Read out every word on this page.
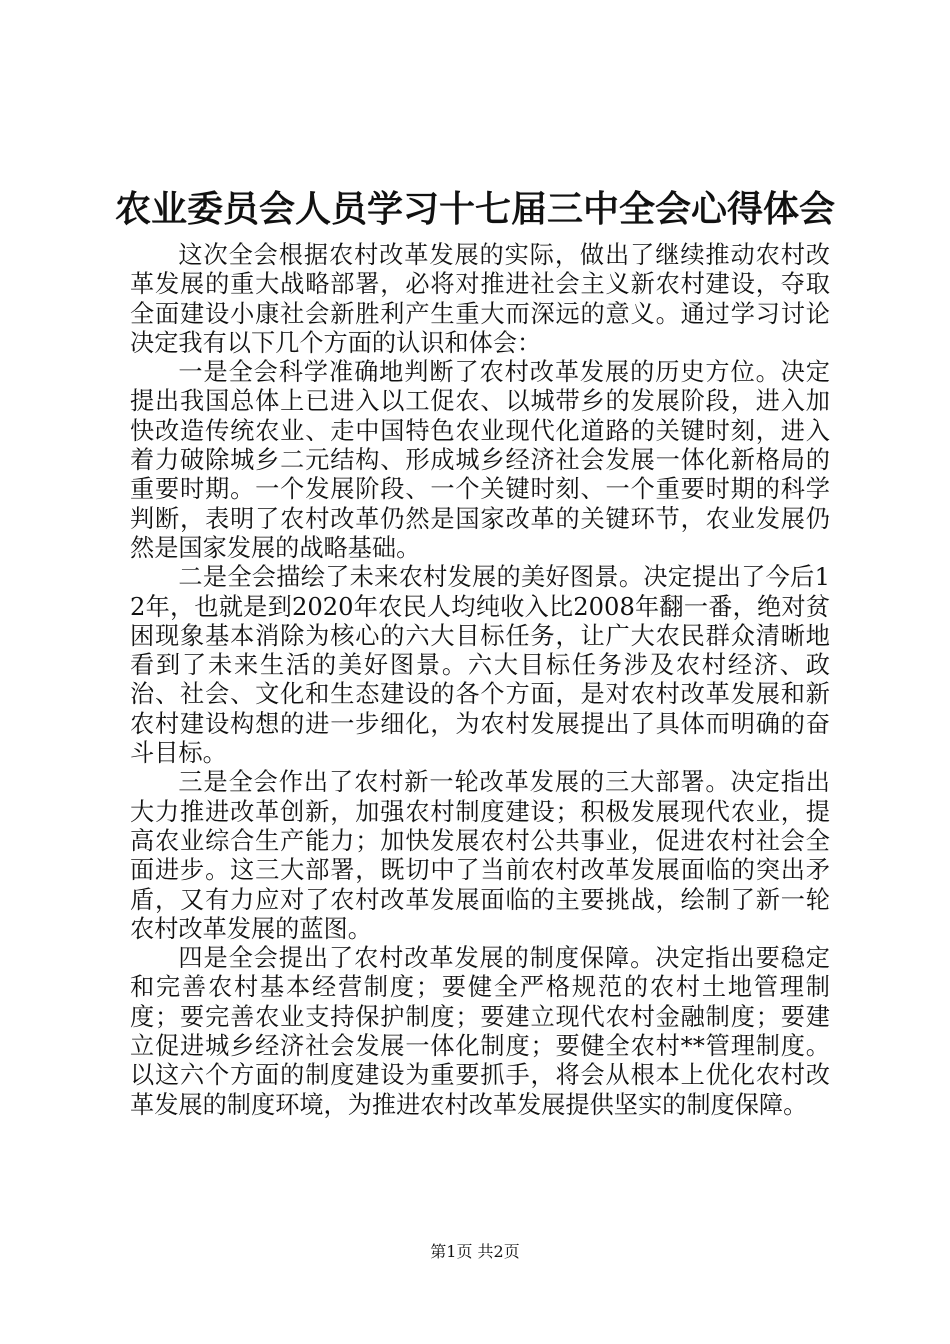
农业委员会人员学习十七届三中全会心得体会

这次全会根据农村改革发展的实际，做出了继续推动农村改革发展的重大战略部署，必将对推进社会主义新农村建设，夺取全面建设小康社会新胜利产生重大而深远的意义。通过学习讨论决定我有以下几个方面的认识和体会：

一是全会科学准确地判断了农村改革发展的历史方位。决定提出我国总体上已进入以工促农、以城带乡的发展阶段，进入加快改造传统农业、走中国特色农业现代化道路的关键时刻，进入着力破除城乡二元结构、形成城乡经济社会发展一体化新格局的重要时期。一个发展阶段、一个关键时刻、一个重要时期的科学判断，表明了农村改革仍然是国家改革的关键环节，农业发展仍然是国家发展的战略基础。

二是全会描绘了未来农村发展的美好图景。决定提出了今后12年，也就是到2020年农民人均纯收入比2008年翻一番，绝对贫困现象基本消除为核心的六大目标任务，让广大农民群众清晰地看到了未来生活的美好图景。六大目标任务涉及农村经济、政治、社会、文化和生态建设的各个方面，是对农村改革发展和新农村建设构想的进一步细化，为农村发展提出了具体而明确的奋斗目标。

三是全会作出了农村新一轮改革发展的三大部署。决定指出大力推进改革创新，加强农村制度建设；积极发展现代农业，提高农业综合生产能力；加快发展农村公共事业，促进农村社会全面进步。这三大部署，既切中了当前农村改革发展面临的突出矛盾，又有力应对了农村改革发展面临的主要挑战，绘制了新一轮农村改革发展的蓝图。

四是全会提出了农村改革发展的制度保障。决定指出要稳定和完善农村基本经营制度；要健全严格规范的农村土地管理制度；要完善农业支持保护制度；要建立现代农村金融制度；要建立促进城乡经济社会发展一体化制度；要健全农村**管理制度。以这六个方面的制度建设为重要抓手，将会从根本上优化农村改革发展的制度环境，为推进农村改革发展提供坚实的制度保障。

第1页 共2页
